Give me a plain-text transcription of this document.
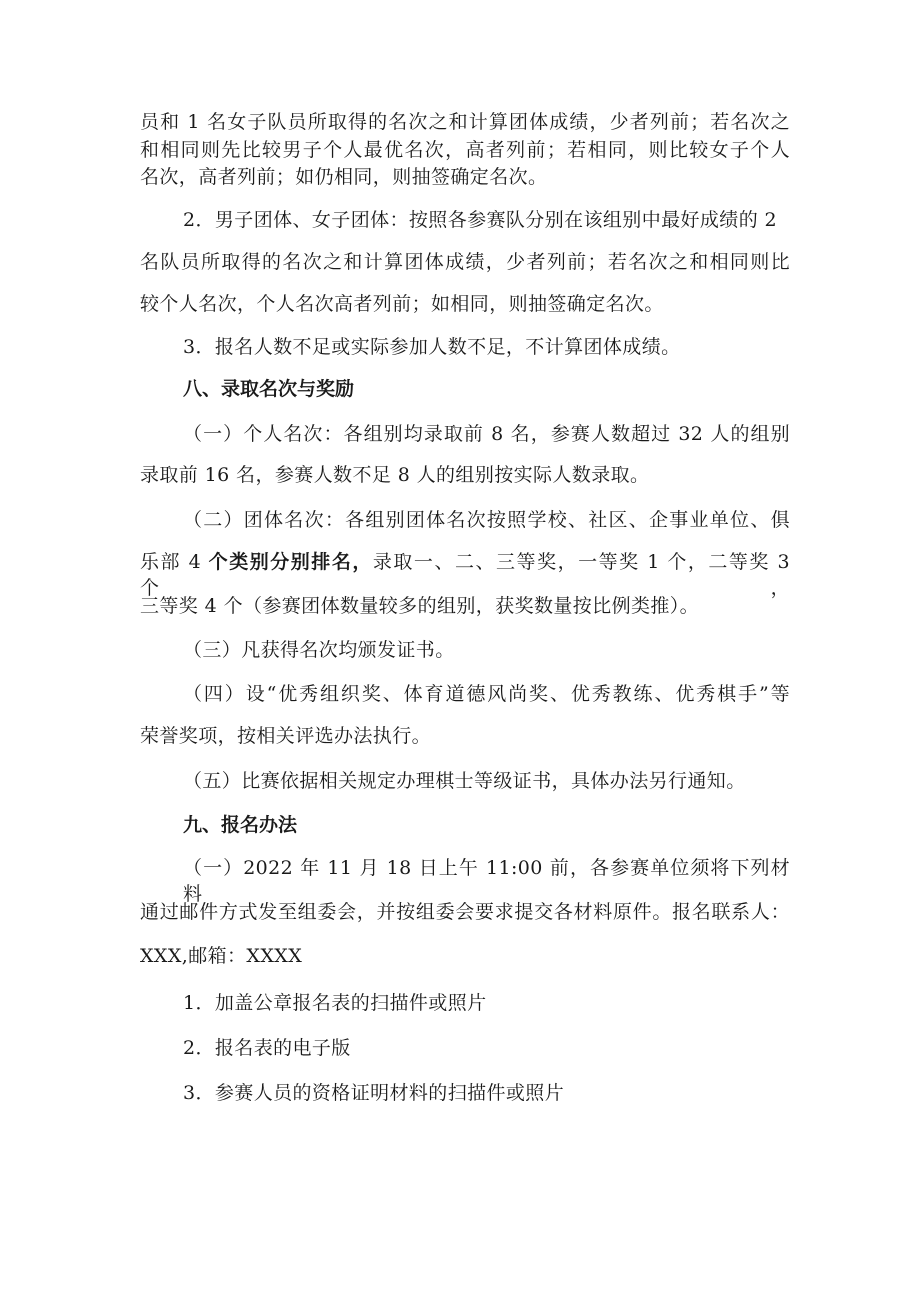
员和 1 名女子队员所取得的名次之和计算团体成绩，少者列前；若名次之
和相同则先比较男子个人最优名次，高者列前；若相同，则比较女子个人
名次，高者列前；如仍相同，则抽签确定名次。
2．男子团体、女子团体：按照各参赛队分别在该组别中最好成绩的 2
名队员所取得的名次之和计算团体成绩，少者列前；若名次之和相同则比
较个人名次，个人名次高者列前；如相同，则抽签确定名次。
3．报名人数不足或实际参加人数不足，不计算团体成绩。
八、录取名次与奖励
（一）个人名次：各组别均录取前 8 名，参赛人数超过 32 人的组别
录取前 16 名，参赛人数不足 8 人的组别按实际人数录取。
（二）团体名次：各组别团体名次按照学校、社区、企事业单位、俱
乐部 4 个类别分别排名，录取一、二、三等奖，一等奖 1 个，二等奖 3 个，
三等奖 4 个（参赛团体数量较多的组别，获奖数量按比例类推）。
（三）凡获得名次均颁发证书。
（四）设“优秀组织奖、体育道德风尚奖、优秀教练、优秀棋手”等
荣誉奖项，按相关评选办法执行。
（五）比赛依据相关规定办理棋士等级证书，具体办法另行通知。
九、报名办法
（一）2022 年 11 月 18 日上午 11:00 前，各参赛单位须将下列材料
通过邮件方式发至组委会，并按组委会要求提交各材料原件。报名联系人：
XXX,邮箱：XXXX
1．加盖公章报名表的扫描件或照片
2．报名表的电子版
3．参赛人员的资格证明材料的扫描件或照片
